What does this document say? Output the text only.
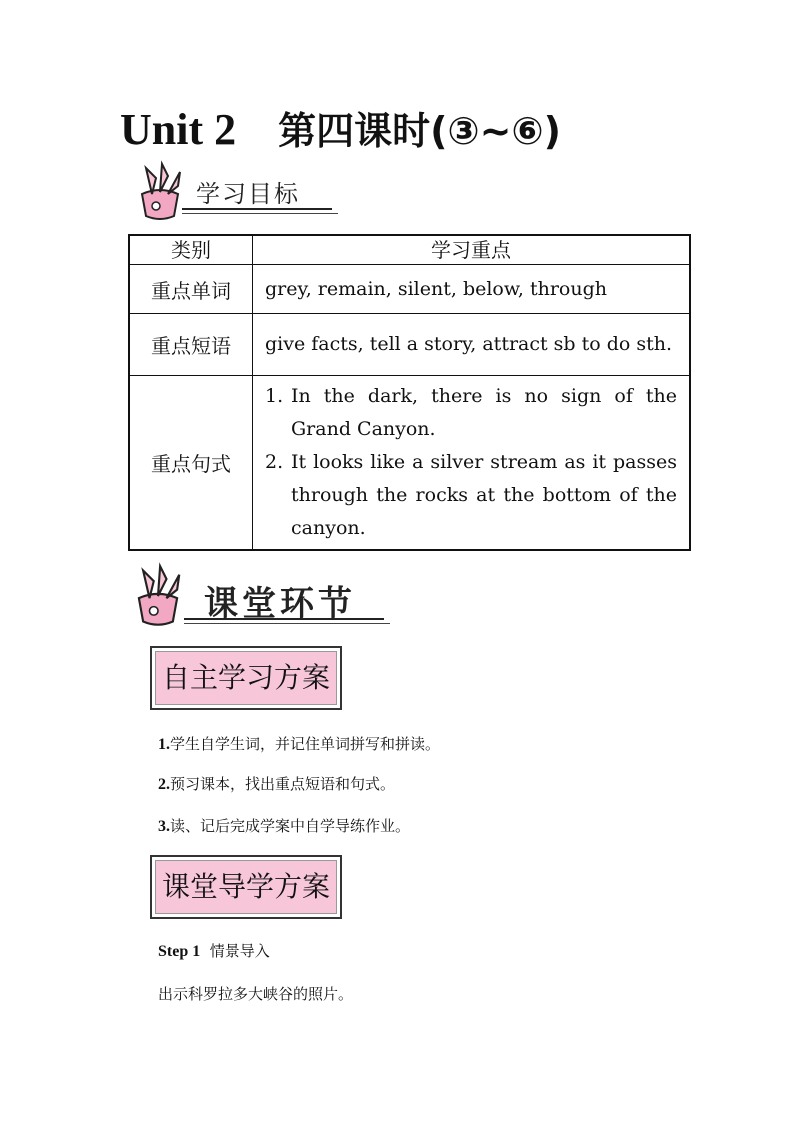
Unit 2 第四课时(③~⑥)
学习目标
类别	学习重点
重点单词	grey, remain, silent, below, through
重点短语	give facts, tell a story, attract sb to do sth.
重点句式	1. In the dark, there is no sign of the Grand Canyon.
2. It looks like a silver stream as it passes through the rocks at the bottom of the canyon.
课堂环节
自主学习方案
1.学生自学生词，并记住单词拼写和拼读。
2.预习课本，找出重点短语和句式。
3.读、记后完成学案中自学导练作业。
课堂导学方案
Step 1 情景导入
出示科罗拉多大峡谷的照片。
